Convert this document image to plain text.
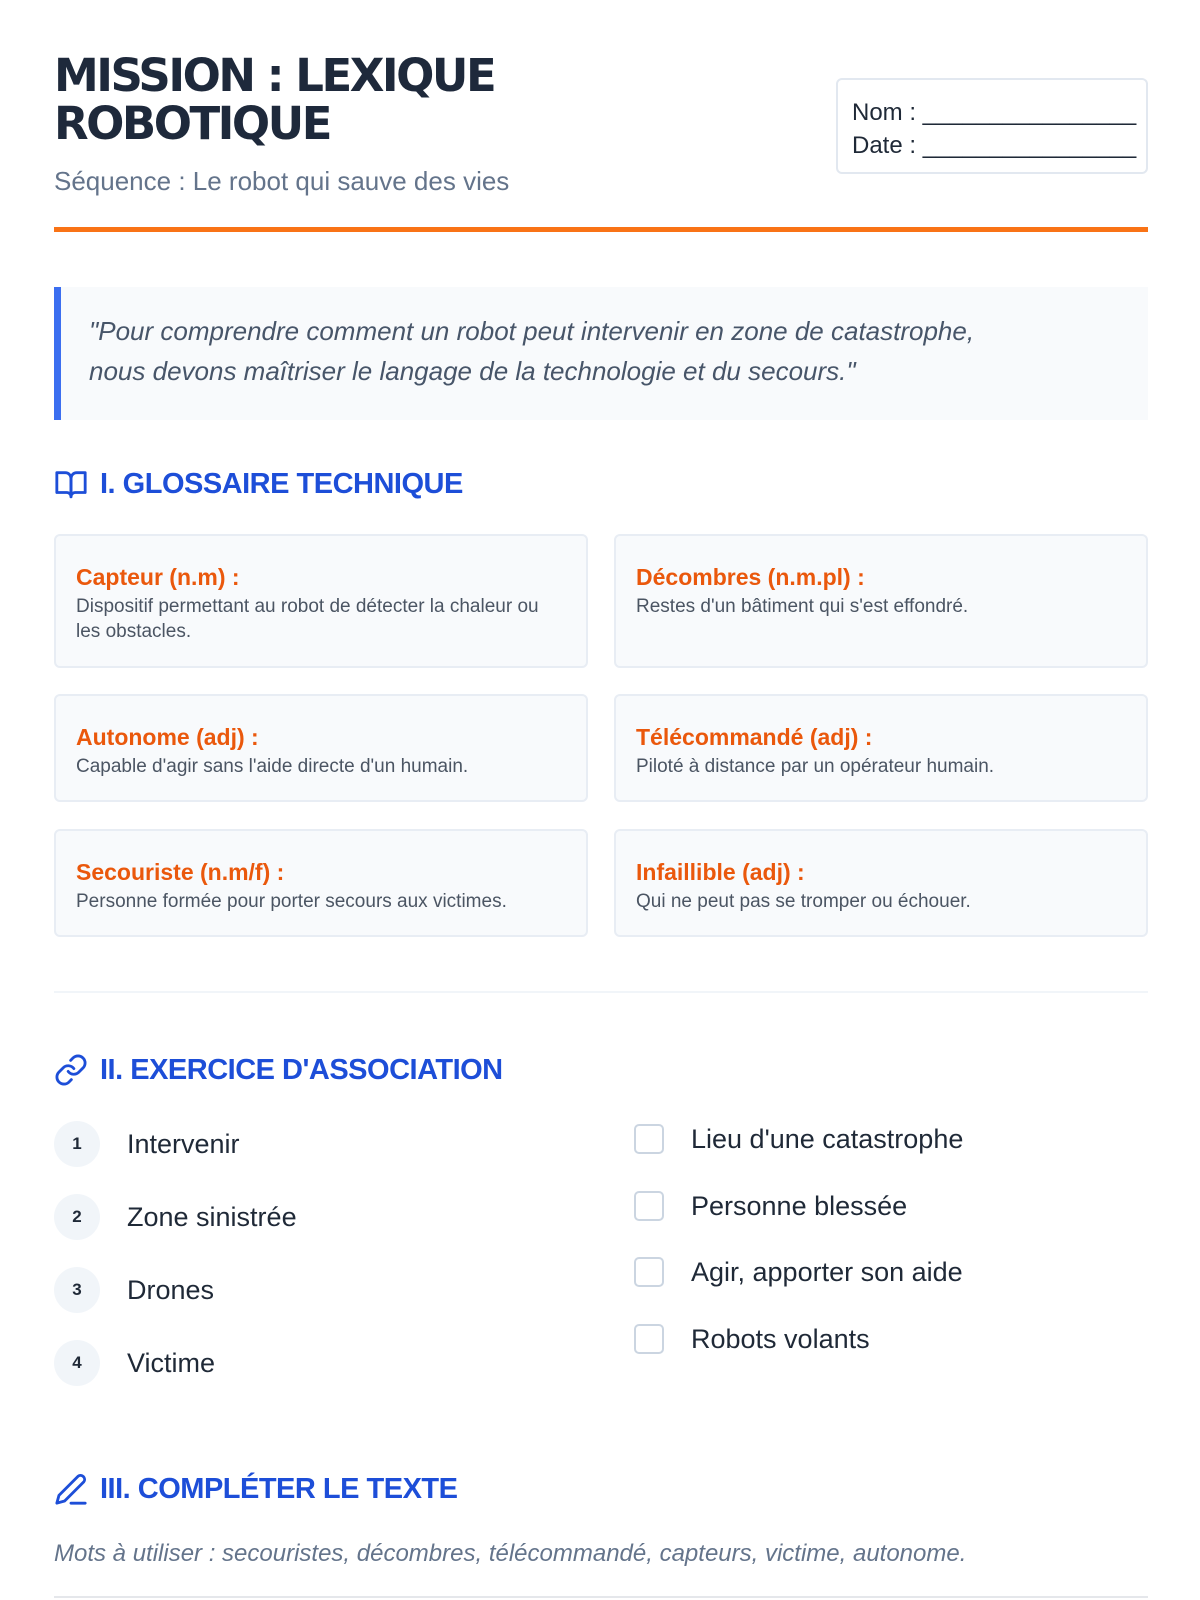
MISSION : LEXIQUE
ROBOTIQUE
Séquence : Le robot qui sauve des vies
Nom : ________________
Date : ________________
"Pour comprendre comment un robot peut intervenir en zone de catastrophe,
nous devons maîtriser le langage de la technologie et du secours."
I. GLOSSAIRE TECHNIQUE
Capteur (n.m) :
Dispositif permettant au robot de détecter la chaleur ou les obstacles.
Décombres (n.m.pl) :
Restes d'un bâtiment qui s'est effondré.
Autonome (adj) :
Capable d'agir sans l'aide directe d'un humain.
Télécommandé (adj) :
Piloté à distance par un opérateur humain.
Secouriste (n.m/f) :
Personne formée pour porter secours aux victimes.
Infaillible (adj) :
Qui ne peut pas se tromper ou échouer.
II. EXERCICE D'ASSOCIATION
1	Intervenir
2	Zone sinistrée
3	Drones
4	Victime
Lieu d'une catastrophe
Personne blessée
Agir, apporter son aide
Robots volants
III. COMPLÉTER LE TEXTE
Mots à utiliser : secouristes, décombres, télécommandé, capteurs, victime, autonome.
